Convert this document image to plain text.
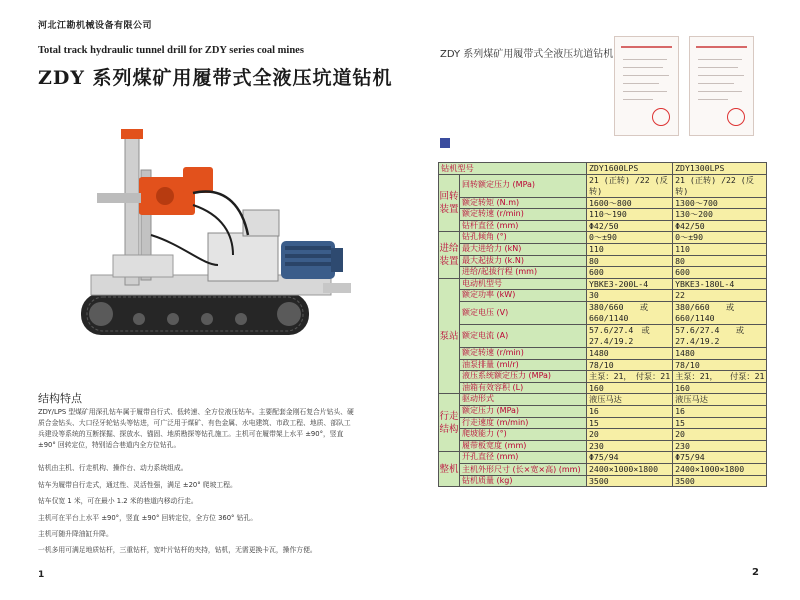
河北江勘机械设备有限公司
Total track hydraulic tunnel drill for ZDY series coal mines
ZDY 系列煤矿用履带式全液压坑道钻机
结构特点
ZDY/LPS 型煤矿用深孔钻车属于履带自行式、低转速、全方位液压钻车。主要配套金刚石复合片钻头、硬质合金钻头、大口径牙轮钻头等钻进，可广泛用于煤矿、有色金属、水电建筑、市政工程、地质、部队工兵建设等系统的互断探掘、探放水、锚固、地质勘探等钻孔施工。主机可在履带架上水平 ±90°，竖直 ±90° 回转定位，特别适合巷道内全方位钻孔。
钻机由主机、行走机构、操作台、动力系统组成。
钻车为履带自行走式，通过性、灵活性强，满足 ±20° 爬坡工程。
钻车仅宽 1 米，可在最小 1.2 米的巷道内移动行走。
主机可在平台上水平 ±90°，竖直 ±90° 回转定位，全方位 360° 钻孔。
主机可随升降油缸升降。
一机多用可满足地质钻杆，三重钻杆，宽叶片钻杆的夹持，钻机，无需更换卡瓦，操作方便。
1
ZDY 系列煤矿用履带式全液压坑道钻机
钻机型号		ZDY1600LPS	ZDY1300LPS
回转装置	回转额定压力 (MPa)	21 (正转) /22 (反转)	21 (正转) /22 (反转)
	额定转矩 (N.m)	1600～800	1300～700
	额定转速 (r/min)	110～190	130～200
	钻杆直径 (mm)	Φ42/50	Φ42/50
进给装置	钻孔倾角 (°)	0～±90	0～±90
	最大进给力 (kN)	110	110
	最大起拔力 (k.N)	80	80
	进给/起拔行程 (mm)	600	600
泵站	电动机型号	YBKE3-200L-4	YBKE3-180L-4
	额定功率 (kW)	30	22
	额定电压 (V)	380/660　　或 660/1140	380/660　　或 660/1140
	额定电流 (A)	57.6/27.4　或 27.4/19.2	57.6/27.4　　或 27.4/19.2
	额定转速 (r/min)	1480	1480
	油泵排量 (ml/r)	78/10	78/10
	液压系统额定压力 (MPa)	主泵：21，　付泵：21	主泵：21，　　付泵：21
	油箱有效容积 (L)	160	160
行走结构	驱动形式	液压马达	液压马达
	额定压力 (MPa)	16	16
	行走速度 (m/min)	15	15
	爬坡能力 (°)	20	20
	履带板宽度 (mm)	230	230
整机	开孔直径 (mm)	Φ75/94	Φ75/94
	主机外形尺寸 (长×宽×高) (mm)	2400×1000×1800	2400×1000×1800
	钻机质量 (kg)	3500	3500
2
